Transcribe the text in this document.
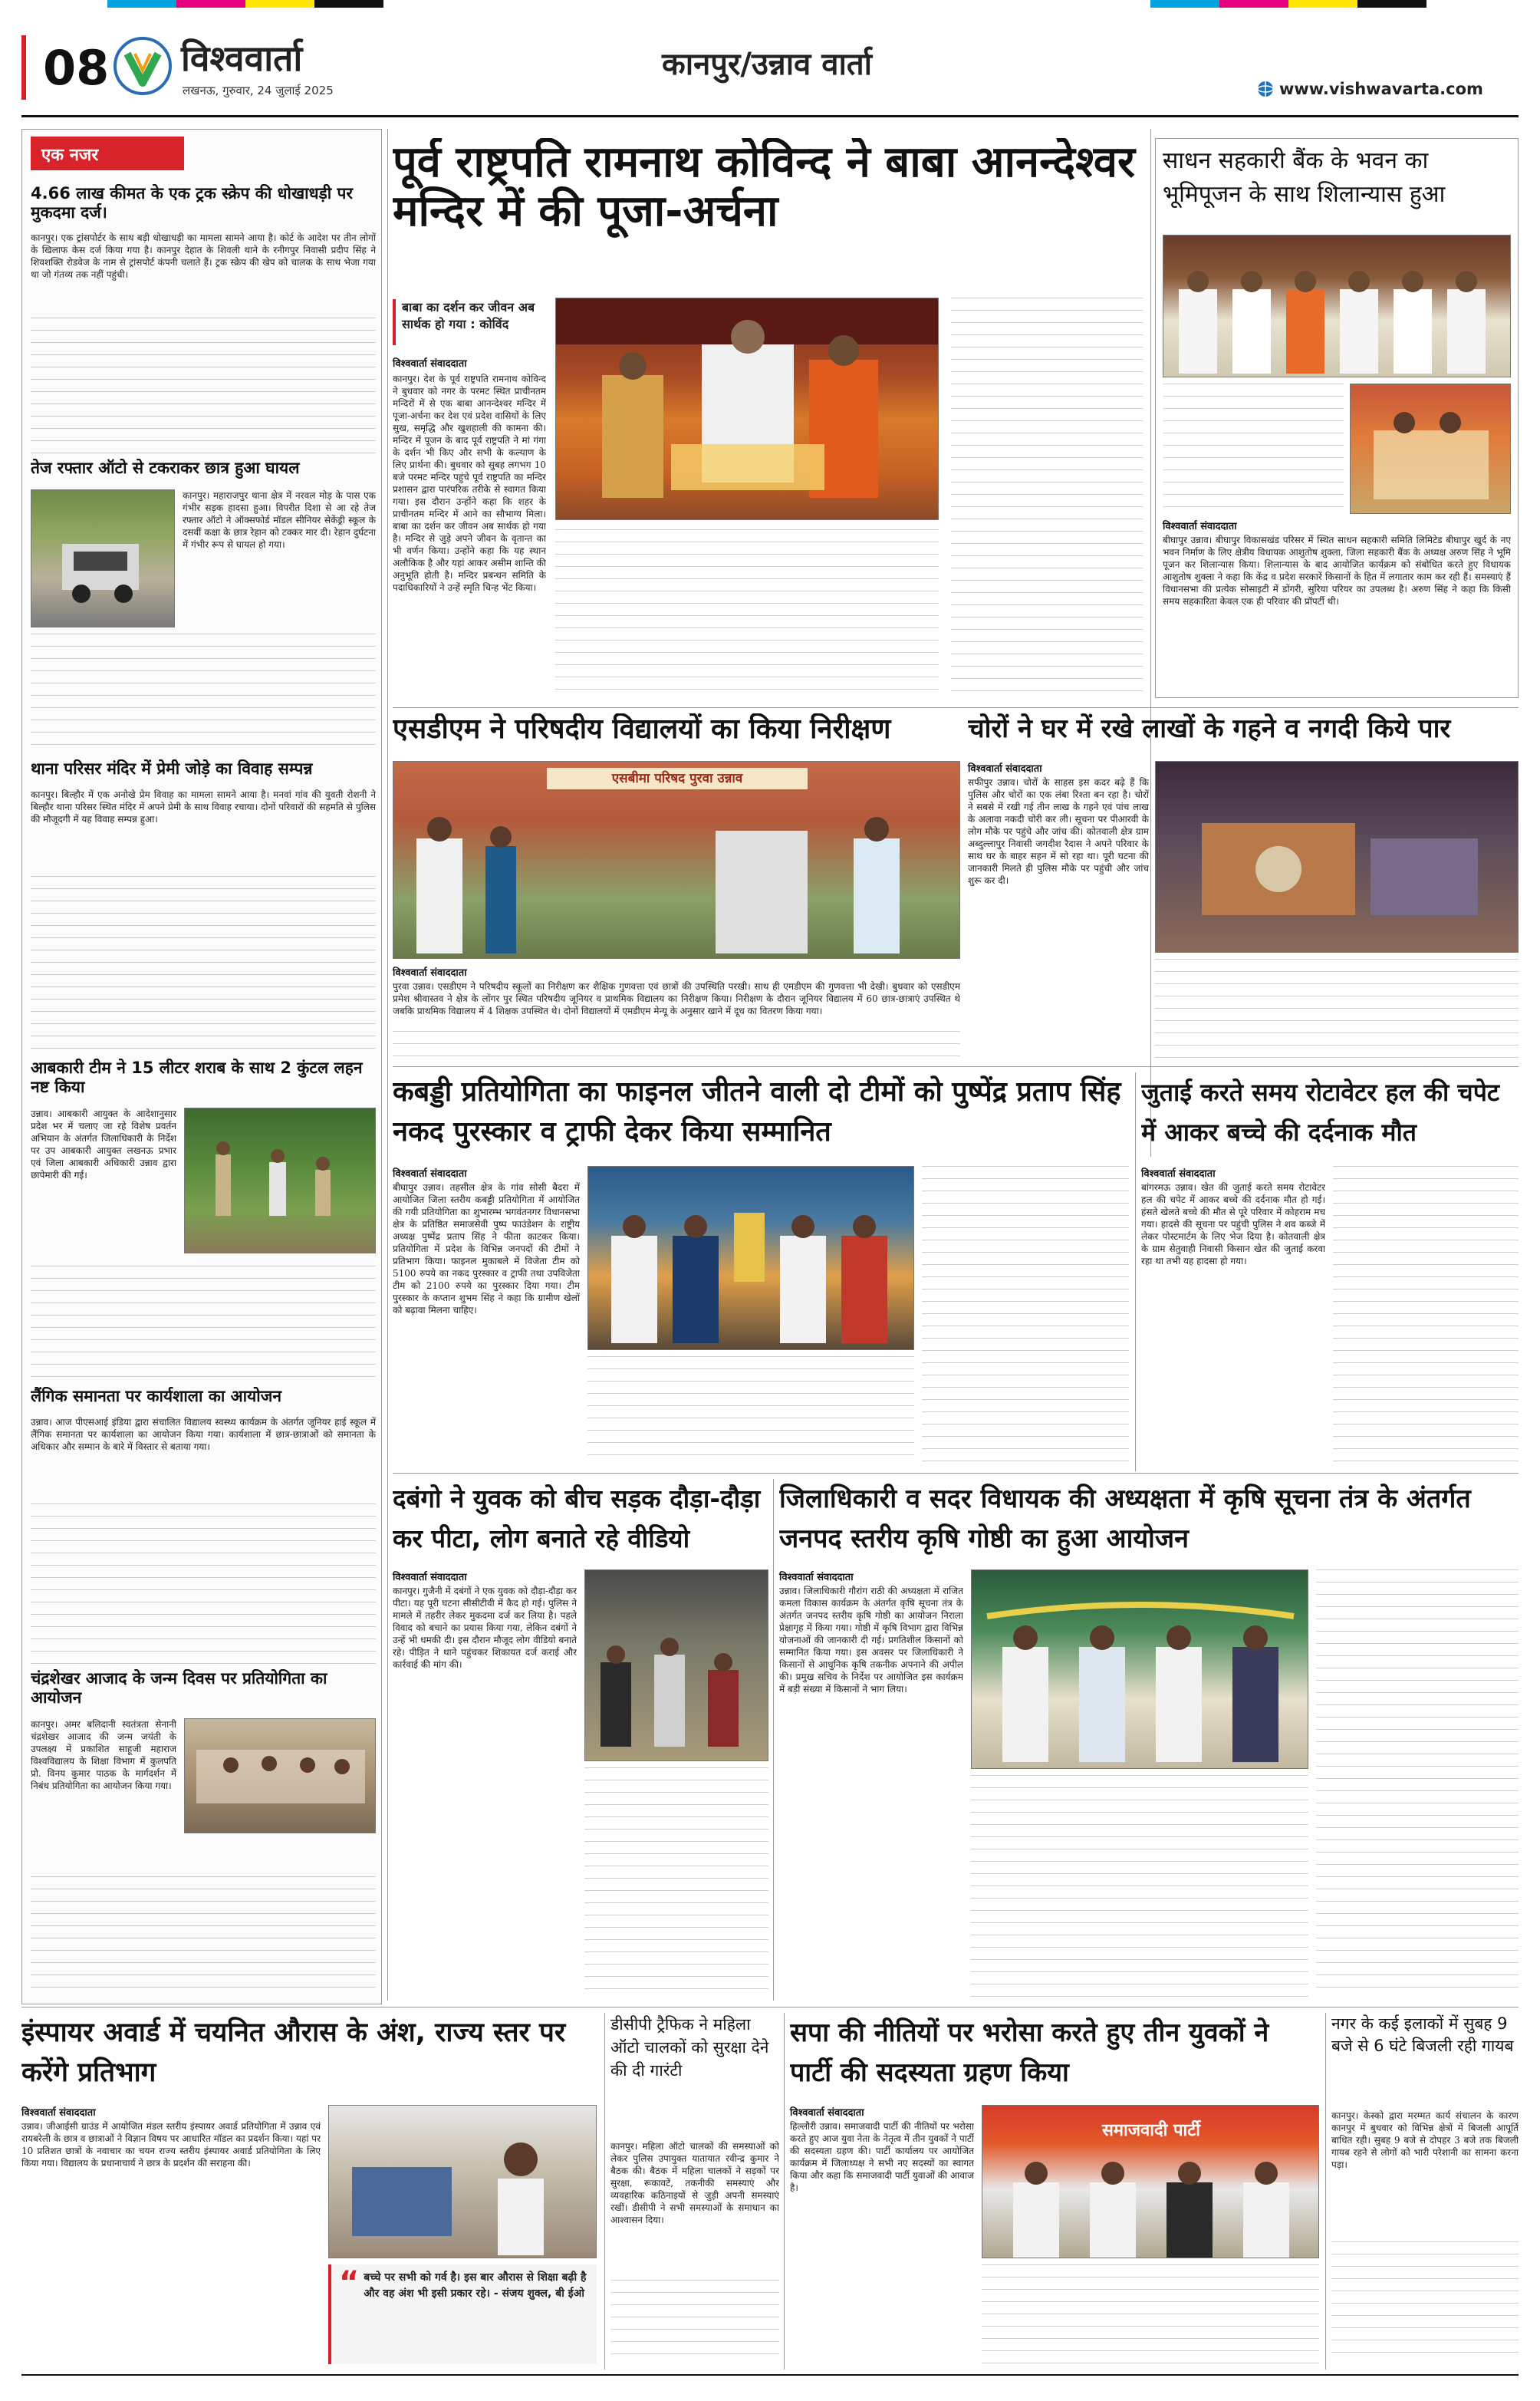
08 विश्ववार्ता
लखनऊ, गुरुवार, 24 जुलाई 2025
कानपुर/उन्नाव वार्ता
www.vishwavarta.com
एक नजर
4.66 लाख कीमत के एक ट्रक स्क्रेप की धोखाधड़ी पर मुकदमा दर्ज।
कानपुर। एक ट्रांसपोर्टर के साथ बड़ी धोखाधड़ी का मामला सामने आया है। कोर्ट के आदेश पर तीन लोगों के खिलाफ केस दर्ज किया गया है। कानपुर देहात के शिवली थाने के रनीगपुर निवासी प्रदीप सिंह ने शिवशक्ति रोडवेज के नाम से ट्रांसपोर्ट कंपनी चलाते हैं। ट्रक स्क्रेप की खेप को चालक के साथ भेजा गया था जो गंतव्य तक नहीं पहुंची।
तेज रफ्तार ऑटो से टकराकर छात्र हुआ घायल
कानपुर। महाराजपुर थाना क्षेत्र में नरवल मोड़ के पास एक गंभीर सड़क हादसा हुआ। विपरीत दिशा से आ रहे तेज रफ्तार ऑटो ने ऑक्सफोर्ड मॉडल सीनियर सेकेंड्री स्कूल के दसवीं कक्षा के छात्र रेहान को टक्कर मार दी। रेहान दुर्घटना में गंभीर रूप से घायल हो गया।
थाना परिसर मंदिर में प्रेमी जोड़े का विवाह सम्पन्न
कानपुर। बिल्हौर में एक अनोखे प्रेम विवाह का मामला सामने आया है। मनवां गांव की युवती रोशनी ने बिल्हौर थाना परिसर स्थित मंदिर में अपने प्रेमी के साथ विवाह रचाया। दोनों परिवारों की सहमति से पुलिस की मौजूदगी में यह विवाह सम्पन्न हुआ।
आबकारी टीम ने 15 लीटर शराब के साथ 2 कुंटल लहन नष्ट किया
उन्नाव। आबकारी आयुक्त के आदेशानुसार प्रदेश भर में चलाए जा रहे विशेष प्रवर्तन अभियान के अंतर्गत जिलाधिकारी के निर्देश पर उप आबकारी आयुक्त लखनऊ प्रभार एवं जिला आबकारी अधिकारी उन्नाव द्वारा छापेमारी की गई।
लैंगिक समानता पर कार्यशाला का आयोजन
उन्नाव। आज पीएसआई इंडिया द्वारा संचालित विद्यालय स्वस्थ्य कार्यक्रम के अंतर्गत जूनियर हाई स्कूल में लैंगिक समानता पर कार्यशाला का आयोजन किया गया। कार्यशाला में छात्र-छात्राओं को समानता के अधिकार और सम्मान के बारे में विस्तार से बताया गया।
चंद्रशेखर आजाद के जन्म दिवस पर प्रतियोगिता का आयोजन
कानपुर। अमर बलिदानी स्वतंत्रता सेनानी चंद्रशेखर आजाद की जन्म जयंती के उपलक्ष्य में प्रकाशित साहूजी महाराज विश्वविद्यालय के शिक्षा विभाग में कुलपति प्रो. विनय कुमार पाठक के मार्गदर्शन में निबंध प्रतियोगिता का आयोजन किया गया।
पूर्व राष्ट्रपति रामनाथ कोविन्द ने बाबा आनन्देश्वर मन्दिर में की पूजा-अर्चना
बाबा का दर्शन कर जीवन अब सार्थक हो गया : कोविंद
विश्ववार्ता संवाददाता
कानपुर। देश के पूर्व राष्ट्रपति रामनाथ कोविन्द ने बुधवार को नगर के परमट स्थित प्राचीनतम मन्दिरों में से एक बाबा आनन्देश्वर मन्दिर में पूजा-अर्चना कर देश एवं प्रदेश वासियों के लिए सुख, समृद्धि और खुशहाली की कामना की। मन्दिर में पूजन के बाद पूर्व राष्ट्रपति ने मां गंगा के दर्शन भी किए और सभी के कल्याण के लिए प्रार्थना की। बुधवार को सुबह लगभग 10 बजे परमट मन्दिर पहुंचे पूर्व राष्ट्रपति का मन्दिर प्रशासन द्वारा पारंपरिक तरीके से स्वागत किया गया। इस दौरान उन्होंने कहा कि शहर के प्राचीनतम मन्दिर में आने का सौभाग्य मिला। बाबा का दर्शन कर जीवन अब सार्थक हो गया है। मन्दिर से जुड़े अपने जीवन के वृतान्त का भी वर्णन किया। उन्होंने कहा कि यह स्थान अलौकिक है और यहां आकर असीम शान्ति की अनुभूति होती है। मन्दिर प्रबन्धन समिति के पदाधिकारियों ने उन्हें स्मृति चिन्ह भेंट किया।
साधन सहकारी बैंक के भवन का भूमिपूजन के साथ शिलान्यास हुआ
विश्ववार्ता संवाददाता
बीघापुर उन्नाव। बीघापुर विकासखंड परिसर में स्थित साधन सहकारी समिति लिमिटेड बीघापुर खुर्द के नए भवन निर्माण के लिए क्षेत्रीय विधायक आशुतोष शुक्ला, जिला सहकारी बैंक के अध्यक्ष अरुण सिंह ने भूमि पूजन कर शिलान्यास किया। शिलान्यास के बाद आयोजित कार्यक्रम को संबोधित करते हुए विधायक आशुतोष शुक्ला ने कहा कि केंद्र व प्रदेश सरकारें किसानों के हित में लगातार काम कर रही हैं। समस्याएं हैं विधानसभा की प्रत्येक सोसाइटी में डोंगरी, सुरिया परियर का उपलब्ध है। अरुण सिंह ने कहा कि किसी समय सहकारिता केवल एक ही परिवार की प्रॉपर्टी थी।
एसडीएम ने परिषदीय विद्यालयों का किया निरीक्षण
एसबीमा परिषद पुरवा उन्नाव
विश्ववार्ता संवाददाता
पुरवा उन्नाव। एसडीएम ने परिषदीय स्कूलों का निरीक्षण कर शैक्षिक गुणवत्ता एवं छात्रों की उपस्थिति परखी। साथ ही एमडीएम की गुणवत्ता भी देखी। बुधवार को एसडीएम प्रमेश श्रीवास्तव ने क्षेत्र के लोंगर पुर स्थित परिषदीय जूनियर व प्राथमिक विद्यालय का निरीक्षण किया। निरीक्षण के दौरान जूनियर विद्यालय में 60 छात्र-छात्राएं उपस्थित थे जबकि प्राथमिक विद्यालय में 4 शिक्षक उपस्थित थे। दोनों विद्यालयों में एमडीएम मेन्यू के अनुसार खाने में दूध का वितरण किया गया।
चोरों ने घर में रखे लाखों के गहने व नगदी किये पार
विश्ववार्ता संवाददाता
सफीपुर उन्नाव। चोरों के साहस इस कदर बढ़े हैं कि पुलिस और चोरों का एक लंबा रिश्ता बन रहा है। चोरों ने सबसे में रखी गई तीन लाख के गहने एवं पांच लाख के अलावा नकदी चोरी कर ली। सूचना पर पीआरवी के लोग मौके पर पहुंचे और जांच की। कोतवाली क्षेत्र ग्राम अब्दुल्लापुर निवासी जगदीश रैदास ने अपने परिवार के साथ घर के बाहर सहन में सो रहा था। पूरी घटना की जानकारी मिलते ही पुलिस मौके पर पहुंची और जांच शुरू कर दी।
कबड्डी प्रतियोगिता का फाइनल जीतने वाली दो टीमों को पुष्पेंद्र प्रताप सिंह नकद पुरस्कार व ट्राफी देकर किया सम्मानित
विश्ववार्ता संवाददाता
बीघापुर उन्नाव। तहसील क्षेत्र के गांव सोसी बैदरा में आयोजित जिला स्तरीय कबड्डी प्रतियोगिता में आयोजित की गयी प्रतियोगिता का शुभारम्भ भगवंतनगर विधानसभा क्षेत्र के प्रतिष्ठित समाजसेवी पुष्प फाउंडेशन के राष्ट्रीय अध्यक्ष पुष्पेंद्र प्रताप सिंह ने फीता काटकर किया। प्रतियोगिता में प्रदेश के विभिन्न जनपदों की टीमों ने प्रतिभाग किया। फाइनल मुकाबले में विजेता टीम को 5100 रुपये का नकद पुरस्कार व ट्राफी तथा उपविजेता टीम को 2100 रुपये का पुरस्कार दिया गया। टीम पुरस्कार के कप्तान शुभम सिंह ने कहा कि ग्रामीण खेलों को बढ़ावा मिलना चाहिए।
जुताई करते समय रोटावेटर हल की चपेट में आकर बच्चे की दर्दनाक मौत
विश्ववार्ता संवाददाता
बांगरमऊ उन्नाव। खेत की जुताई करते समय रोटावेटर हल की चपेट में आकर बच्चे की दर्दनाक मौत हो गई। हंसते खेलते बच्चे की मौत से पूरे परिवार में कोहराम मच गया। हादसे की सूचना पर पहुंची पुलिस ने शव कब्जे में लेकर पोस्टमार्टम के लिए भेज दिया है। कोतवाली क्षेत्र के ग्राम सेतुवाही निवासी किसान खेत की जुताई करवा रहा था तभी यह हादसा हो गया।
दबंगो ने युवक को बीच सड़क दौड़ा-दौड़ा कर पीटा, लोग बनाते रहे वीडियो
विश्ववार्ता संवाददाता
कानपुर। गुजैनी में दबंगों ने एक युवक को दौड़ा-दौड़ा कर पीटा। यह पूरी घटना सीसीटीवी में कैद हो गई। पुलिस ने मामले में तहरीर लेकर मुकदमा दर्ज कर लिया है। पहले विवाद को बचाने का प्रयास किया गया, लेकिन दबंगों ने उन्हें भी धमकी दी। इस दौरान मौजूद लोग वीडियो बनाते रहे। पीड़ित ने थाने पहुंचकर शिकायत दर्ज कराई और कार्रवाई की मांग की।
जिलाधिकारी व सदर विधायक की अध्यक्षता में कृषि सूचना तंत्र के अंतर्गत जनपद स्तरीय कृषि गोष्ठी का हुआ आयोजन
विश्ववार्ता संवाददाता
उन्नाव। जिलाधिकारी गौरांग राठी की अध्यक्षता में राजित कमला विकास कार्यक्रम के अंतर्गत कृषि सूचना तंत्र के अंतर्गत जनपद स्तरीय कृषि गोष्ठी का आयोजन निराला प्रेक्षागृह में किया गया। गोष्ठी में कृषि विभाग द्वारा विभिन्न योजनाओं की जानकारी दी गई। प्रगतिशील किसानों को सम्मानित किया गया। इस अवसर पर जिलाधिकारी ने किसानों से आधुनिक कृषि तकनीक अपनाने की अपील की। प्रमुख सचिव के निर्देश पर आयोजित इस कार्यक्रम में बड़ी संख्या में किसानों ने भाग लिया।
इंस्पायर अवार्ड में चयनित औरास के अंश, राज्य स्तर पर करेंगे प्रतिभाग
विश्ववार्ता संवाददाता
उन्नाव। जीआईसी ग्राउंड में आयोजित मंडल स्तरीय इंस्पायर अवार्ड प्रतियोगिता में उन्नाव एवं रायबरेली के छात्र व छात्राओं ने विज्ञान विषय पर आधारित मॉडल का प्रदर्शन किया। यहां पर 10 प्रतिशत छात्रों के नवाचार का चयन राज्य स्तरीय इंस्पायर अवार्ड प्रतियोगिता के लिए किया गया। विद्यालय के प्रधानाचार्य ने छात्र के प्रदर्शन की सराहना की।
“ बच्चे पर सभी को गर्व है। इस बार औरास से शिक्षा बढ़ी है और वह अंश भी इसी प्रकार रहे। - संजय शुक्ल, बी ईओ
डीसीपी ट्रैफिक ने महिला ऑटो चालकों को सुरक्षा देने की दी गारंटी
कानपुर। महिला ऑटो चालकों की समस्याओं को लेकर पुलिस उपायुक्त यातायात रवीन्द्र कुमार ने बैठक की। बैठक में महिला चालकों ने सड़कों पर सुरक्षा, रूकावटें, तकनीकी समस्याएं और व्यवहारिक कठिनाइयों से जुड़ी अपनी समस्याएं रखीं। डीसीपी ने सभी समस्याओं के समाधान का आश्वासन दिया।
सपा की नीतियों पर भरोसा करते हुए तीन युवकों ने पार्टी की सदस्यता ग्रहण किया
विश्ववार्ता संवाददाता
हिल्लौरी उन्नाव। समाजवादी पार्टी की नीतियों पर भरोसा करते हुए आज युवा नेता के नेतृत्व में तीन युवकों ने पार्टी की सदस्यता ग्रहण की। पार्टी कार्यालय पर आयोजित कार्यक्रम में जिलाध्यक्ष ने सभी नए सदस्यों का स्वागत किया और कहा कि समाजवादी पार्टी युवाओं की आवाज है।
समाजवादी पार्टी
नगर के कई इलाकों में सुबह 9 बजे से 6 घंटे बिजली रही गायब
कानपुर। केस्को द्वारा मरम्मत कार्य संचालन के कारण कानपुर में बुधवार को विभिन्न क्षेत्रों में बिजली आपूर्ति बाधित रही। सुबह 9 बजे से दोपहर 3 बजे तक बिजली गायब रहने से लोगों को भारी परेशानी का सामना करना पड़ा।
